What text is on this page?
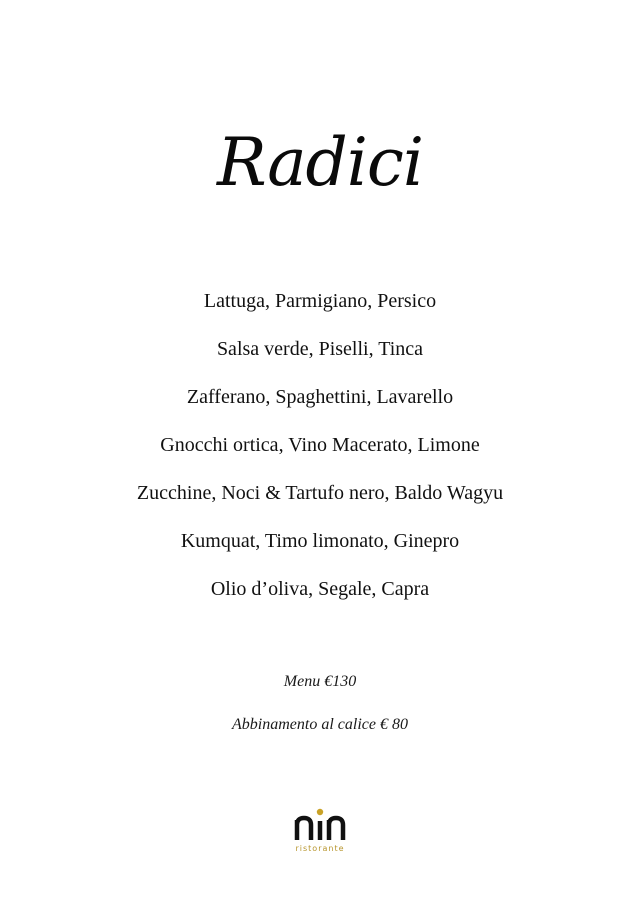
Radici
Lattuga, Parmigiano, Persico
Salsa verde, Piselli, Tinca
Zafferano, Spaghettini, Lavarello
Gnocchi ortica, Vino Macerato, Limone
Zucchine, Noci & Tartufo nero, Baldo Wagyu
Kumquat, Timo limonato, Ginepro
Olio d’oliva, Segale, Capra
Menu €130
Abbinamento al calice € 80
ristorante
